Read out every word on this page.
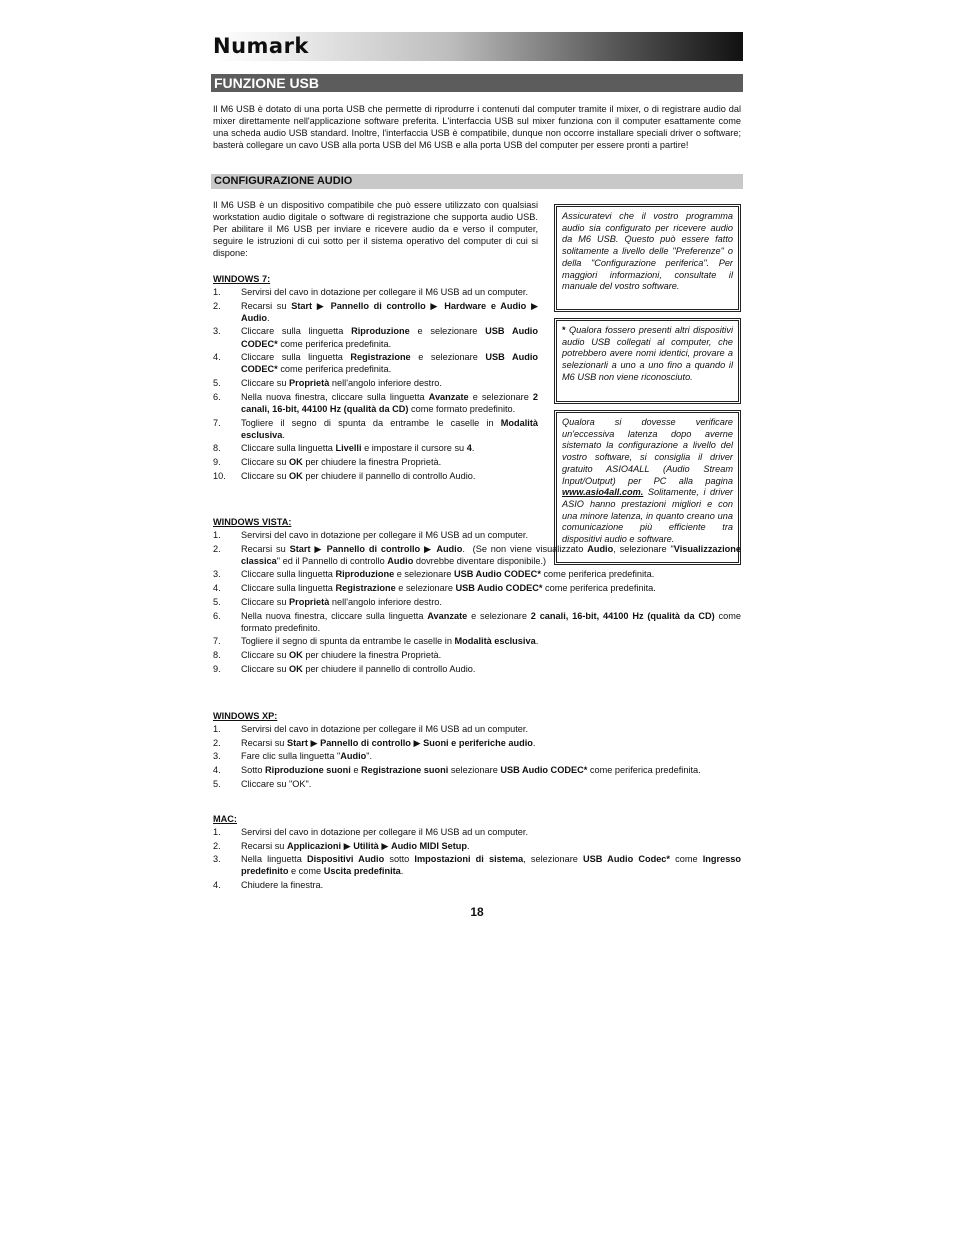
Numark
FUNZIONE USB
Il M6 USB è dotato di una porta USB che permette di riprodurre i contenuti dal computer tramite il mixer, o di registrare audio dal mixer direttamente nell'applicazione software preferita. L'interfaccia USB sul mixer funziona con il computer esattamente come una scheda audio USB standard. Inoltre, l'interfaccia USB è compatibile, dunque non occorre installare speciali driver o software; basterà collegare un cavo USB alla porta USB del M6 USB e alla porta USB del computer per essere pronti a partire!
CONFIGURAZIONE AUDIO
Il M6 USB è un dispositivo compatibile che può essere utilizzato con qualsiasi workstation audio digitale o software di registrazione che supporta audio USB. Per abilitare il M6 USB per inviare e ricevere audio da e verso il computer, seguire le istruzioni di cui sotto per il sistema operativo del computer di cui si dispone:
Assicuratevi che il vostro programma audio sia configurato per ricevere audio da M6 USB. Questo può essere fatto solitamente a livello delle "Preferenze" o della "Configurazione periferica". Per maggiori informazioni, consultate il manuale del vostro software.
* Qualora fossero presenti altri dispositivi audio USB collegati al computer, che potrebbero avere nomi identici, provare a selezionarli a uno a uno fino a quando il M6 USB non viene riconosciuto.
Qualora si dovesse verificare un'eccessiva latenza dopo averne sistemato la configurazione a livello del vostro software, si consiglia il driver gratuito ASIO4ALL (Audio Stream Input/Output) per PC alla pagina www.asio4all.com. Solitamente, i driver ASIO hanno prestazioni migliori e con una minore latenza, in quanto creano una comunicazione più efficiente tra dispositivi audio e software.
WINDOWS 7:
1.	Servirsi del cavo in dotazione per collegare il M6 USB ad un computer.
2.	Recarsi su Start ▶ Pannello di controllo ▶ Hardware e Audio ▶ Audio.
3.	Cliccare sulla linguetta Riproduzione e selezionare USB Audio CODEC* come periferica predefinita.
4.	Cliccare sulla linguetta Registrazione e selezionare USB Audio CODEC* come periferica predefinita.
5.	Cliccare su Proprietà nell'angolo inferiore destro.
6.	Nella nuova finestra, cliccare sulla linguetta Avanzate e selezionare 2 canali, 16-bit, 44100 Hz (qualità da CD) come formato predefinito.
7.	Togliere il segno di spunta da entrambe le caselle in Modalità esclusiva.
8.	Cliccare sulla linguetta Livelli e impostare il cursore su 4.
9.	Cliccare su OK per chiudere la finestra Proprietà.
10.	Cliccare su OK per chiudere il pannello di controllo Audio.
WINDOWS VISTA:
1.	Servirsi del cavo in dotazione per collegare il M6 USB ad un computer.
2.	Recarsi su Start ▶ Pannello di controllo ▶ Audio.  (Se non viene visualizzato Audio, selezionare "Visualizzazione classica" ed il Pannello di controllo Audio dovrebbe diventare disponibile.)
3.	Cliccare sulla linguetta Riproduzione e selezionare USB Audio CODEC* come periferica predefinita.
4.	Cliccare sulla linguetta Registrazione e selezionare USB Audio CODEC* come periferica predefinita.
5.	Cliccare su Proprietà nell'angolo inferiore destro.
6.	Nella nuova finestra, cliccare sulla linguetta Avanzate e selezionare 2 canali, 16-bit, 44100 Hz (qualità da CD) come formato predefinito.
7.	Togliere il segno di spunta da entrambe le caselle in Modalità esclusiva.
8.	Cliccare su OK per chiudere la finestra Proprietà.
9.	Cliccare su OK per chiudere il pannello di controllo Audio.
WINDOWS XP:
1.	Servirsi del cavo in dotazione per collegare il M6 USB ad un computer.
2.	Recarsi su Start ▶ Pannello di controllo ▶ Suoni e periferiche audio.
3.	Fare clic sulla linguetta "Audio".
4.	Sotto Riproduzione suoni e Registrazione suoni selezionare USB Audio CODEC* come periferica predefinita.
5.	Cliccare su "OK".
MAC:
1.	Servirsi del cavo in dotazione per collegare il M6 USB ad un computer.
2.	Recarsi su Applicazioni ▶ Utilità ▶ Audio MIDI Setup.
3.	Nella linguetta Dispositivi Audio sotto Impostazioni di sistema, selezionare USB Audio Codec* come Ingresso predefinito e come Uscita predefinita.
4.	Chiudere la finestra.
18
